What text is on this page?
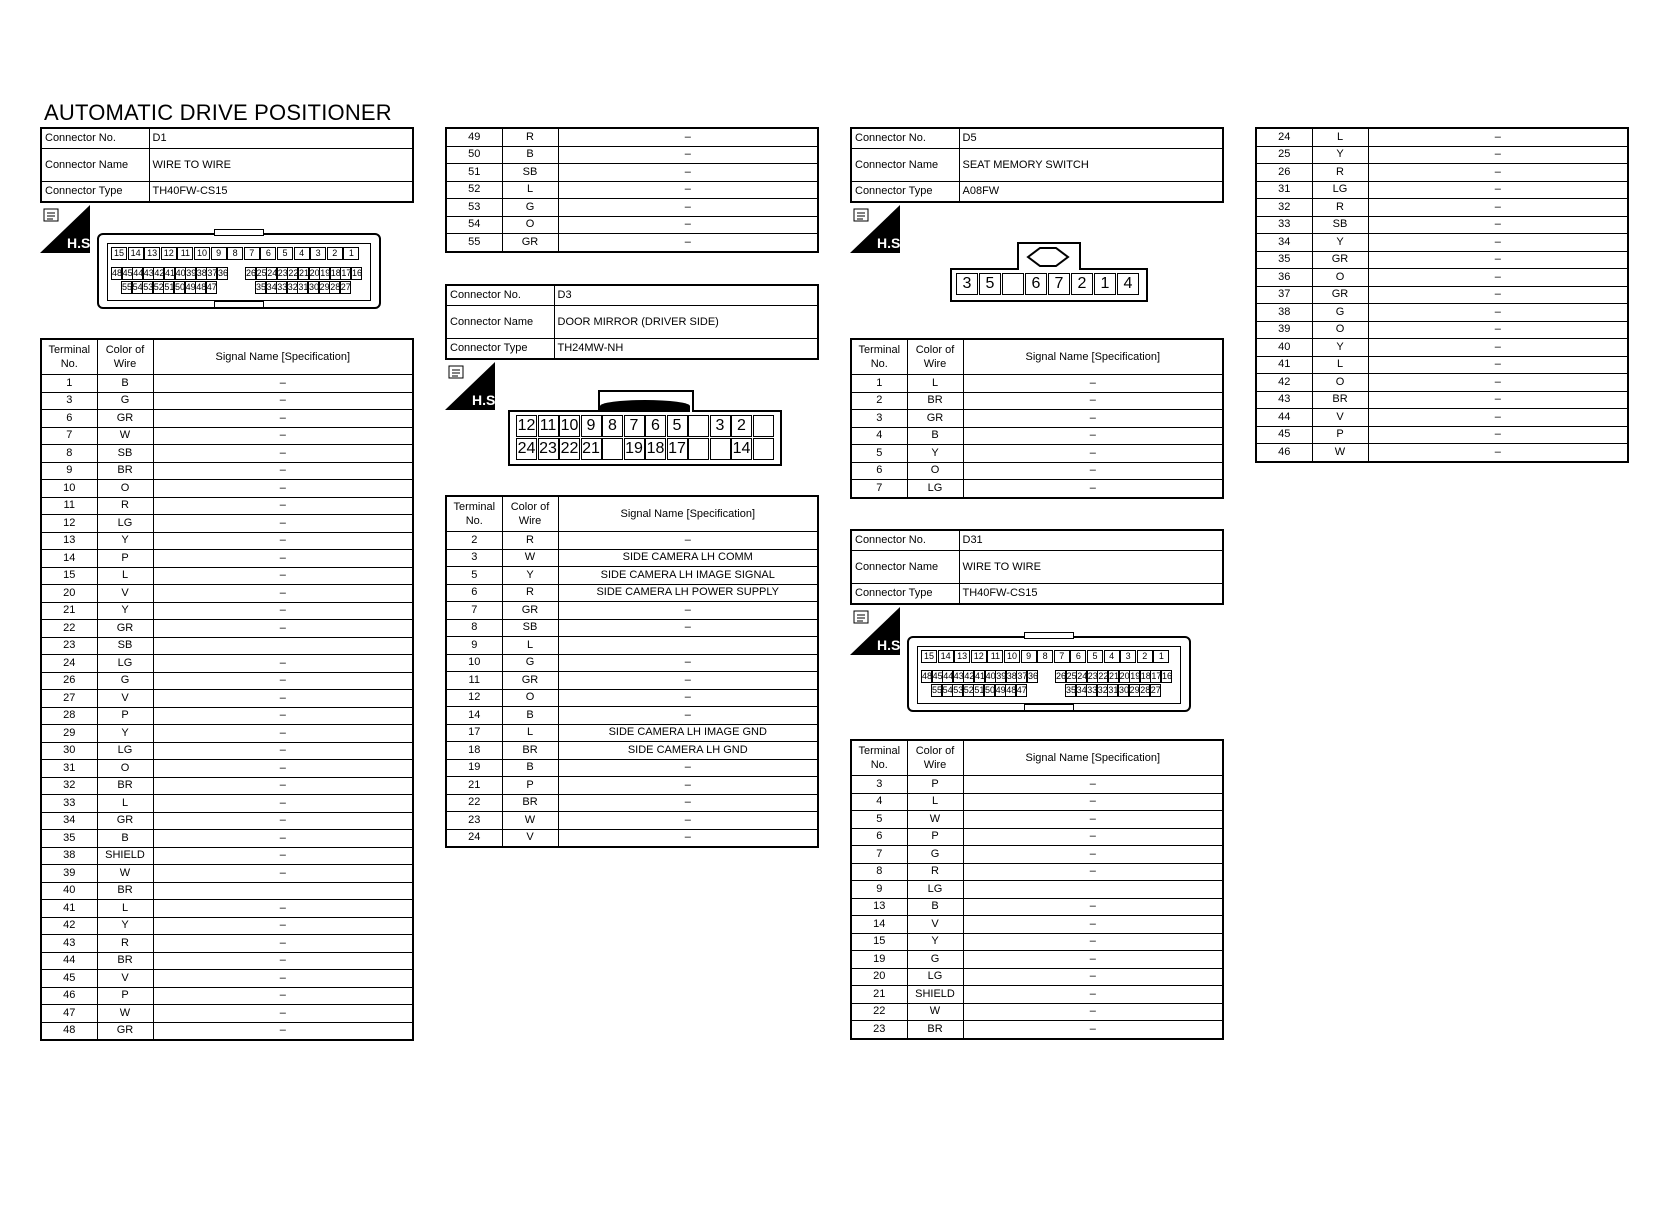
AUTOMATIC DRIVE POSITIONER
Connector No.	D1
Connector Name	WIRE TO WIRE
Connector Type	TH40FW-CS15
H.S.
15 14 13 12 11 10	9	8	7	6	5	4	3	2	1
48 45 44 43 42 41 40 39 38 37 36 26 25 24 23 22 21 20 19 18 17 16
55 54 53 52 51 50 49 48 47	35 34 33 32 31 30 29 28 27
Terminal No.	Color of Wire	Signal Name [Specification]
1	B	–
3	G	–
6	GR	–
7	W	–
8	SB	–
9	BR	–
10	O	–
11	R	–
12	LG	–
13	Y	–
14	P	–
15	L	–
20	V	–
21	Y	–
22	GR	–
23	SB	
24	LG	–
26	G	–
27	V	–
28	P	–
29	Y	–
30	LG	–
31	O	–
32	BR	–
33	L	–
34	GR	–
35	B	–
38	SHIELD	–
39	W	–
40	BR	
41	L	–
42	Y	–
43	R	–
44	BR	–
45	V	–
46	P	–
47	W	–
48	GR	–
49	R	–
50	B	–
51	SB	–
52	L	–
53	G	–
54	O	–
55	GR	–
Connector No.	D3
Connector Name	DOOR MIRROR (DRIVER SIDE)
Connector Type	TH24MW-NH
H.S.
12 11 10 9 8 7 6 5	3 2
24 23 22 21 19 18 17	14
Terminal No.	Color of Wire	Signal Name [Specification]
2	R	–
3	W	SIDE CAMERA LH COMM
5	Y	SIDE CAMERA LH IMAGE SIGNAL
6	R	SIDE CAMERA LH POWER SUPPLY
7	GR	–
8	SB	–
9	L	
10	G	–
11	GR	–
12	O	–
14	B	–
17	L	SIDE CAMERA LH IMAGE GND
18	BR	SIDE CAMERA LH GND
19	B	–
21	P	–
22	BR	–
23	W	–
24	V	–
Connector No.	D5
Connector Name	SEAT MEMORY SWITCH
Connector Type	A08FW
H.S.
3 5	6 7 2 1 4
Terminal No.	Color of Wire	Signal Name [Specification]
1	L	–
2	BR	–
3	GR	–
4	B	–
5	Y	–
6	O	–
7	LG	–
Connector No.	D31
Connector Name	WIRE TO WIRE
Connector Type	TH40FW-CS15
H.S.
15 14 13 12 11 10	9	8	7	6	5	4	3	2	1
48 45 44 43 42 41 40 39 38 37 36 26 25 24 23 22 21 20 19 18 17 16
55 54 53 52 51 50 49 48 47	35 34 33 32 31 30 29 28 27
Terminal No.	Color of Wire	Signal Name [Specification]
3	P	–
4	L	–
5	W	–
6	P	–
7	G	–
8	R	–
9	LG	
13	B	–
14	V	–
15	Y	–
19	G	–
20	LG	–
21	SHIELD	–
22	W	–
23	BR	–
24	L	–
25	Y	–
26	R	–
31	LG	–
32	R	–
33	SB	–
34	Y	–
35	GR	–
36	O	–
37	GR	–
38	G	–
39	O	–
40	Y	–
41	L	–
42	O	–
43	BR	–
44	V	–
45	P	–
46	W	–
